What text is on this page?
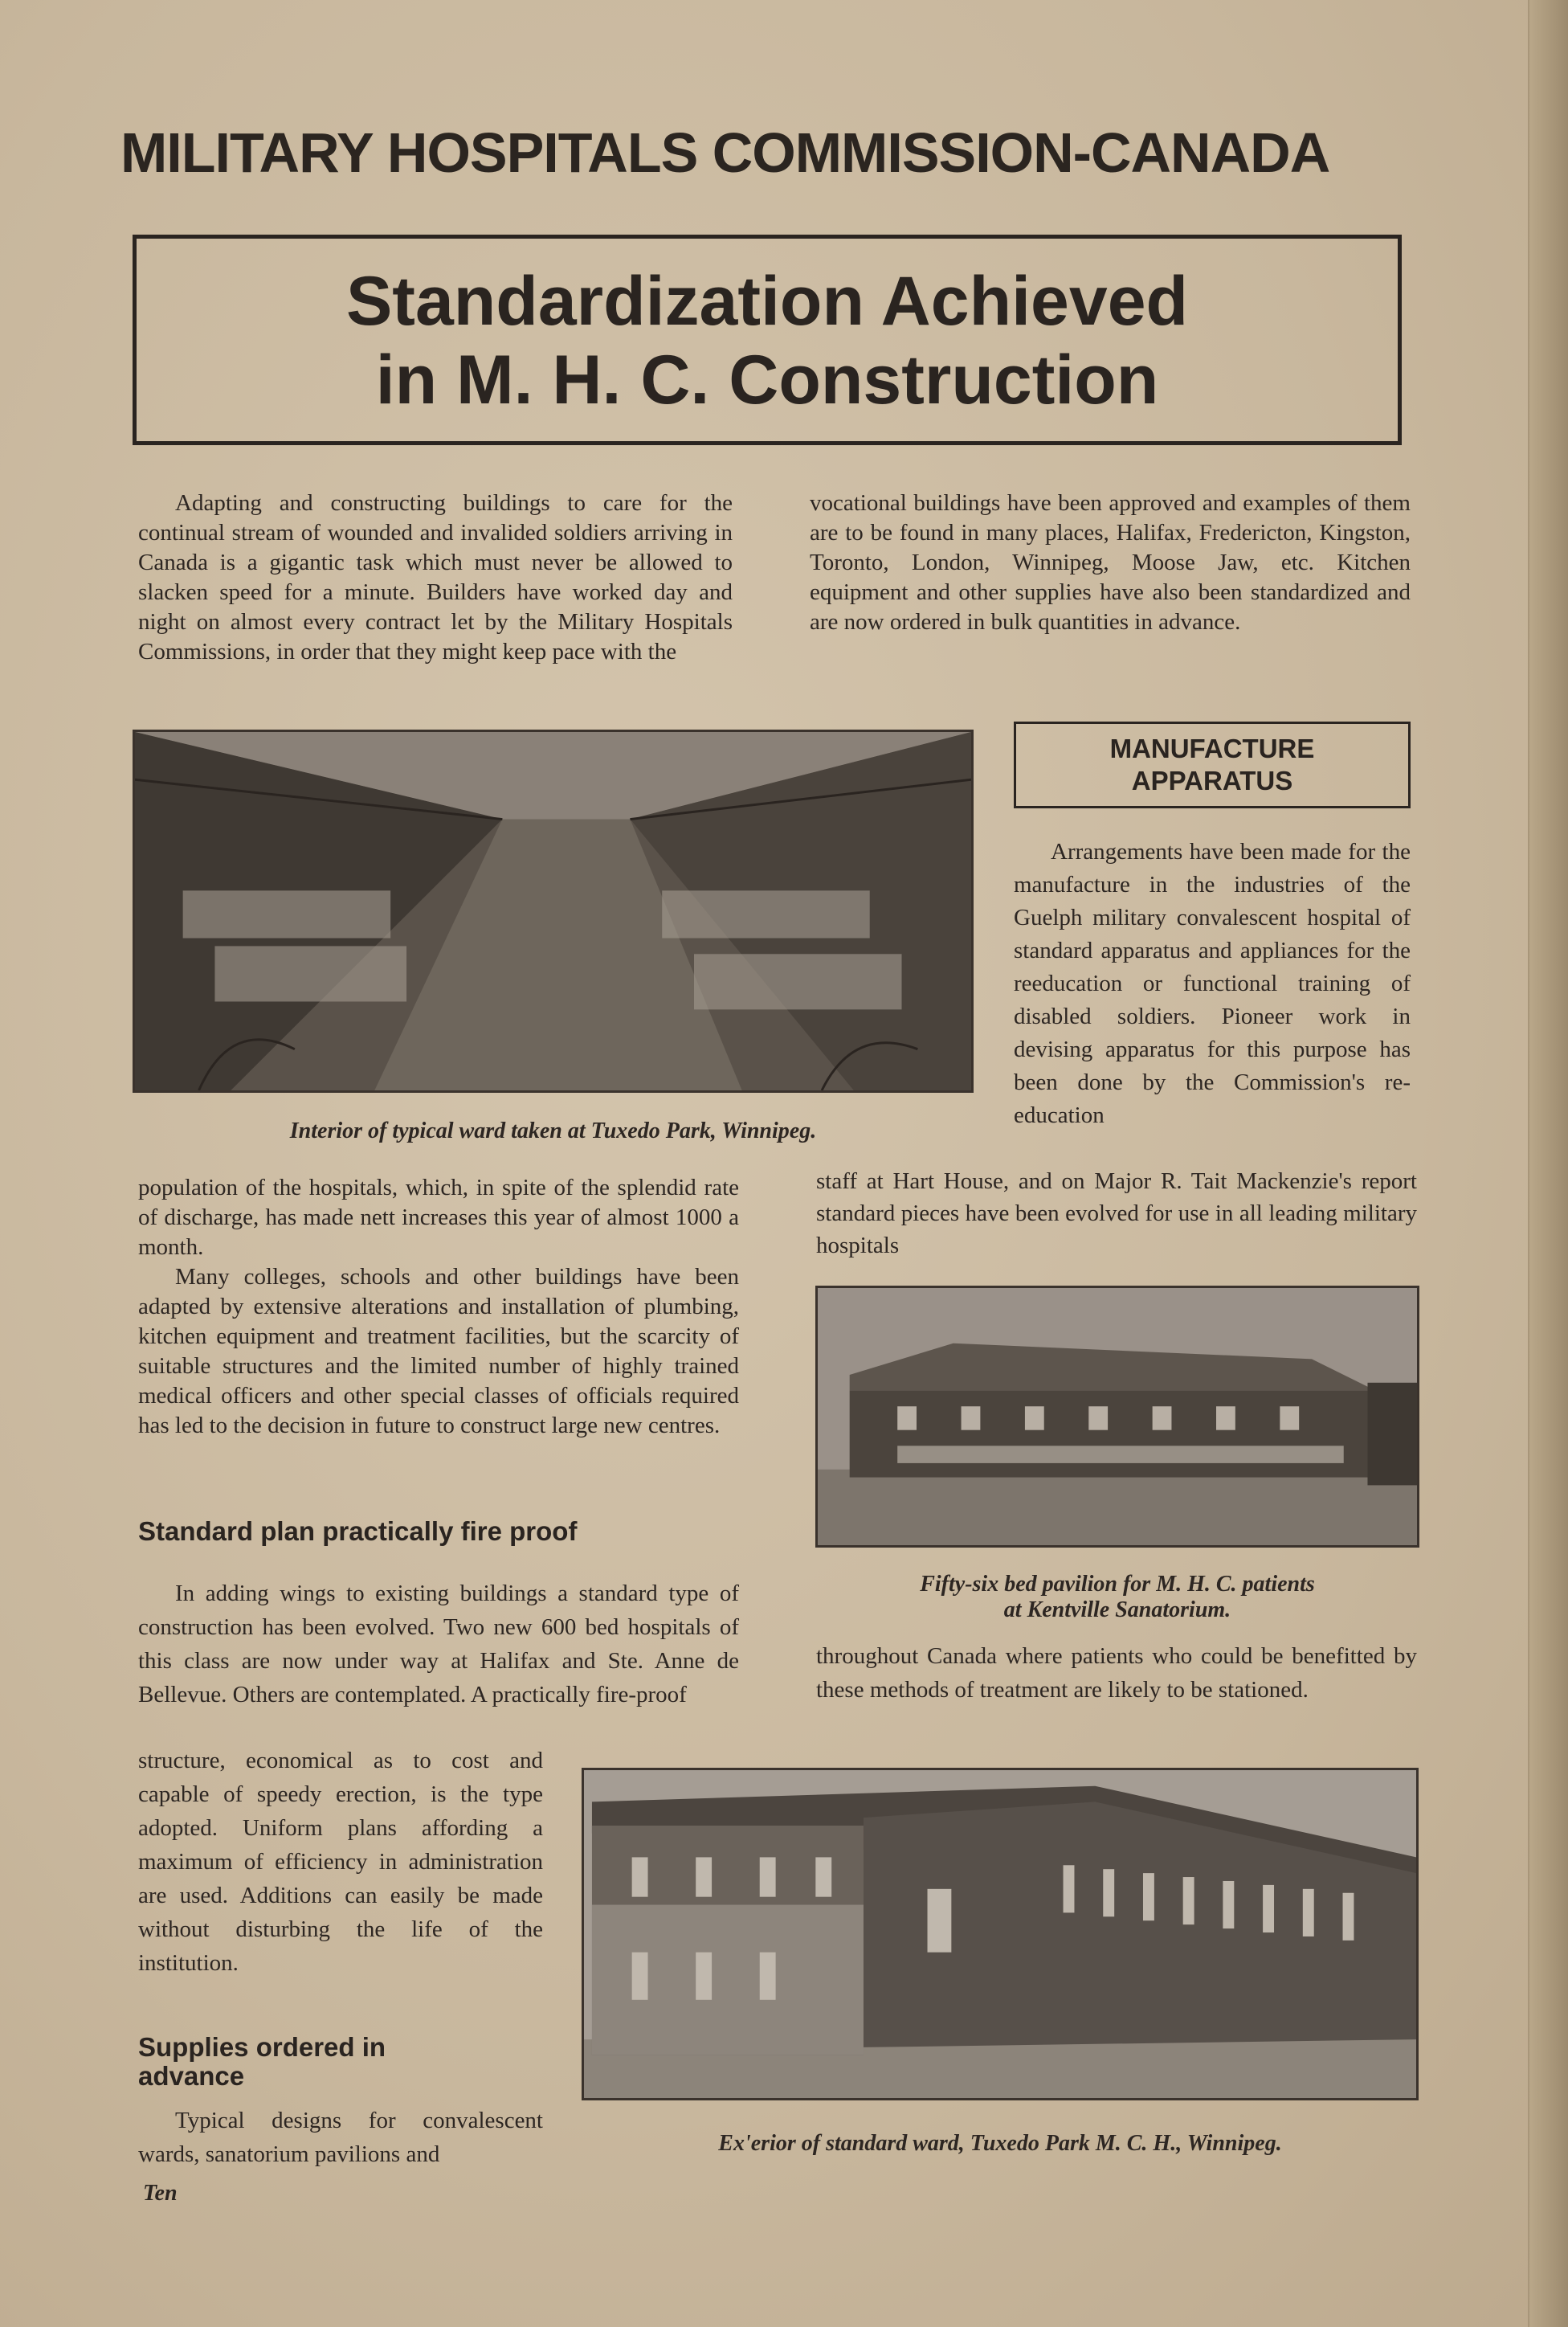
MILITARY HOSPITALS COMMISSION-CANADA
Standardization Achieved
in M. H. C. Construction

Adapting and constructing buildings to care for the continual stream of wounded and invalided soldiers arriving in Canada is a gigantic task which must never be allowed to slacken speed for a minute. Builders have worked day and night on almost every contract let by the Military Hospitals Commissions, in order that they might keep pace with the

vocational buildings have been approved and examples of them are to be found in many places, Halifax, Fredericton, Kingston, Toronto, London, Winnipeg, Moose Jaw, etc. Kitchen equipment and other supplies have also been standardized and are now ordered in bulk quantities in advance.

Interior of typical ward taken at Tuxedo Park, Winnipeg.
MANUFACTURE
APPARATUS

Arrangements have been made for the manufacture in the industries of the Guelph military convalescent hospital of standard apparatus and appliances for the reeducation or functional training of disabled soldiers. Pioneer work in devising apparatus for this purpose has been done by the Commission's re-education

population of the hospitals, which, in spite of the splendid rate of discharge, has made nett increases this year of almost 1000 a month.

Many colleges, schools and other buildings have been adapted by extensive alterations and installation of plumbing, kitchen equipment and treatment facilities, but the scarcity of suitable structures and the limited number of highly trained medical officers and other special classes of officials required has led to the decision in future to construct large new centres.

staff at Hart House, and on Major R. Tait Mackenzie's report standard pieces have been evolved for use in all leading military hospitals

Fifty-six bed pavilion for M. H. C. patients
at Kentville Sanatorium.
Standard plan practically fire proof

In adding wings to existing buildings a standard type of construction has been evolved. Two new 600 bed hospitals of this class are now under way at Halifax and Ste. Anne de Bellevue. Others are contemplated. A practically fire-proof

throughout Canada where patients who could be benefitted by these methods of treatment are likely to be stationed.

structure, economical as to cost and capable of speedy erection, is the type adopted. Uniform plans affording a maximum of efficiency in administration are used. Additions can easily be made without disturbing the life of the institution.

Ex'erior of standard ward, Tuxedo Park M. C. H., Winnipeg.
Supplies ordered in
advance

Typical designs for convalescent wards, sanatorium pavilions and

Ten
